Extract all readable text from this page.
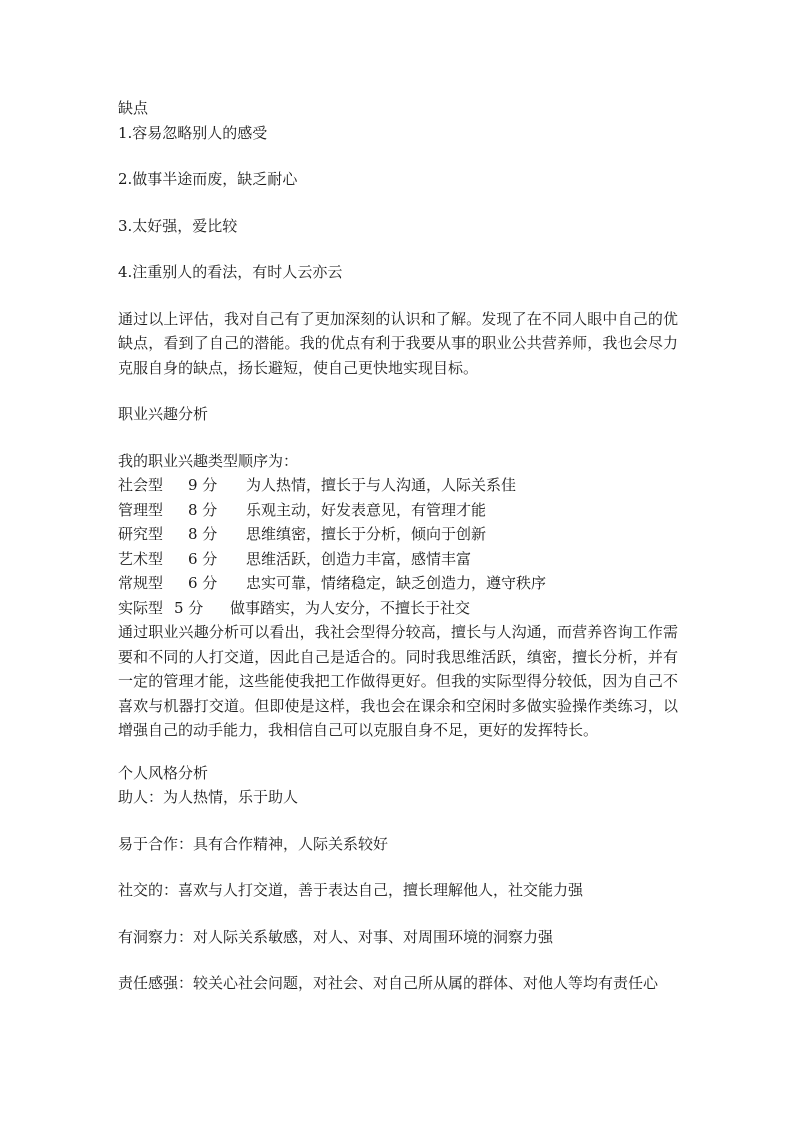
缺点

1.容易忽略别人的感受

2.做事半途而废，缺乏耐心

3.太好强，爱比较

4.注重别人的看法，有时人云亦云

通过以上评估，我对自己有了更加深刻的认识和了解。发现了在不同人眼中自己的优缺点，看到了自己的潜能。我的优点有利于我要从事的职业公共营养师，我也会尽力克服自身的缺点，扬长避短，使自己更快地实现目标。

职业兴趣分析

我的职业兴趣类型顺序为：

社会型	9 分	为人热情，擅长于与人沟通，人际关系佳
管理型	8 分	乐观主动，好发表意见，有管理才能
研究型	8 分	思维缜密，擅长于分析，倾向于创新
艺术型	6 分	思维活跃，创造力丰富，感情丰富
常规型	6 分	忠实可靠，情绪稳定，缺乏创造力，遵守秩序
实际型 5 分	做事踏实，为人安分，不擅长于社交

通过职业兴趣分析可以看出，我社会型得分较高，擅长与人沟通，而营养咨询工作需要和不同的人打交道，因此自己是适合的。同时我思维活跃，缜密，擅长分析，并有一定的管理才能，这些能使我把工作做得更好。但我的实际型得分较低，因为自己不喜欢与机器打交道。但即使是这样，我也会在课余和空闲时多做实验操作类练习，以增强自己的动手能力，我相信自己可以克服自身不足，更好的发挥特长。

个人风格分析

助人：为人热情，乐于助人

易于合作：具有合作精神，人际关系较好

社交的：喜欢与人打交道，善于表达自己，擅长理解他人，社交能力强

有洞察力：对人际关系敏感，对人、对事、对周围环境的洞察力强

责任感强：较关心社会问题，对社会、对自己所从属的群体、对他人等均有责任心
